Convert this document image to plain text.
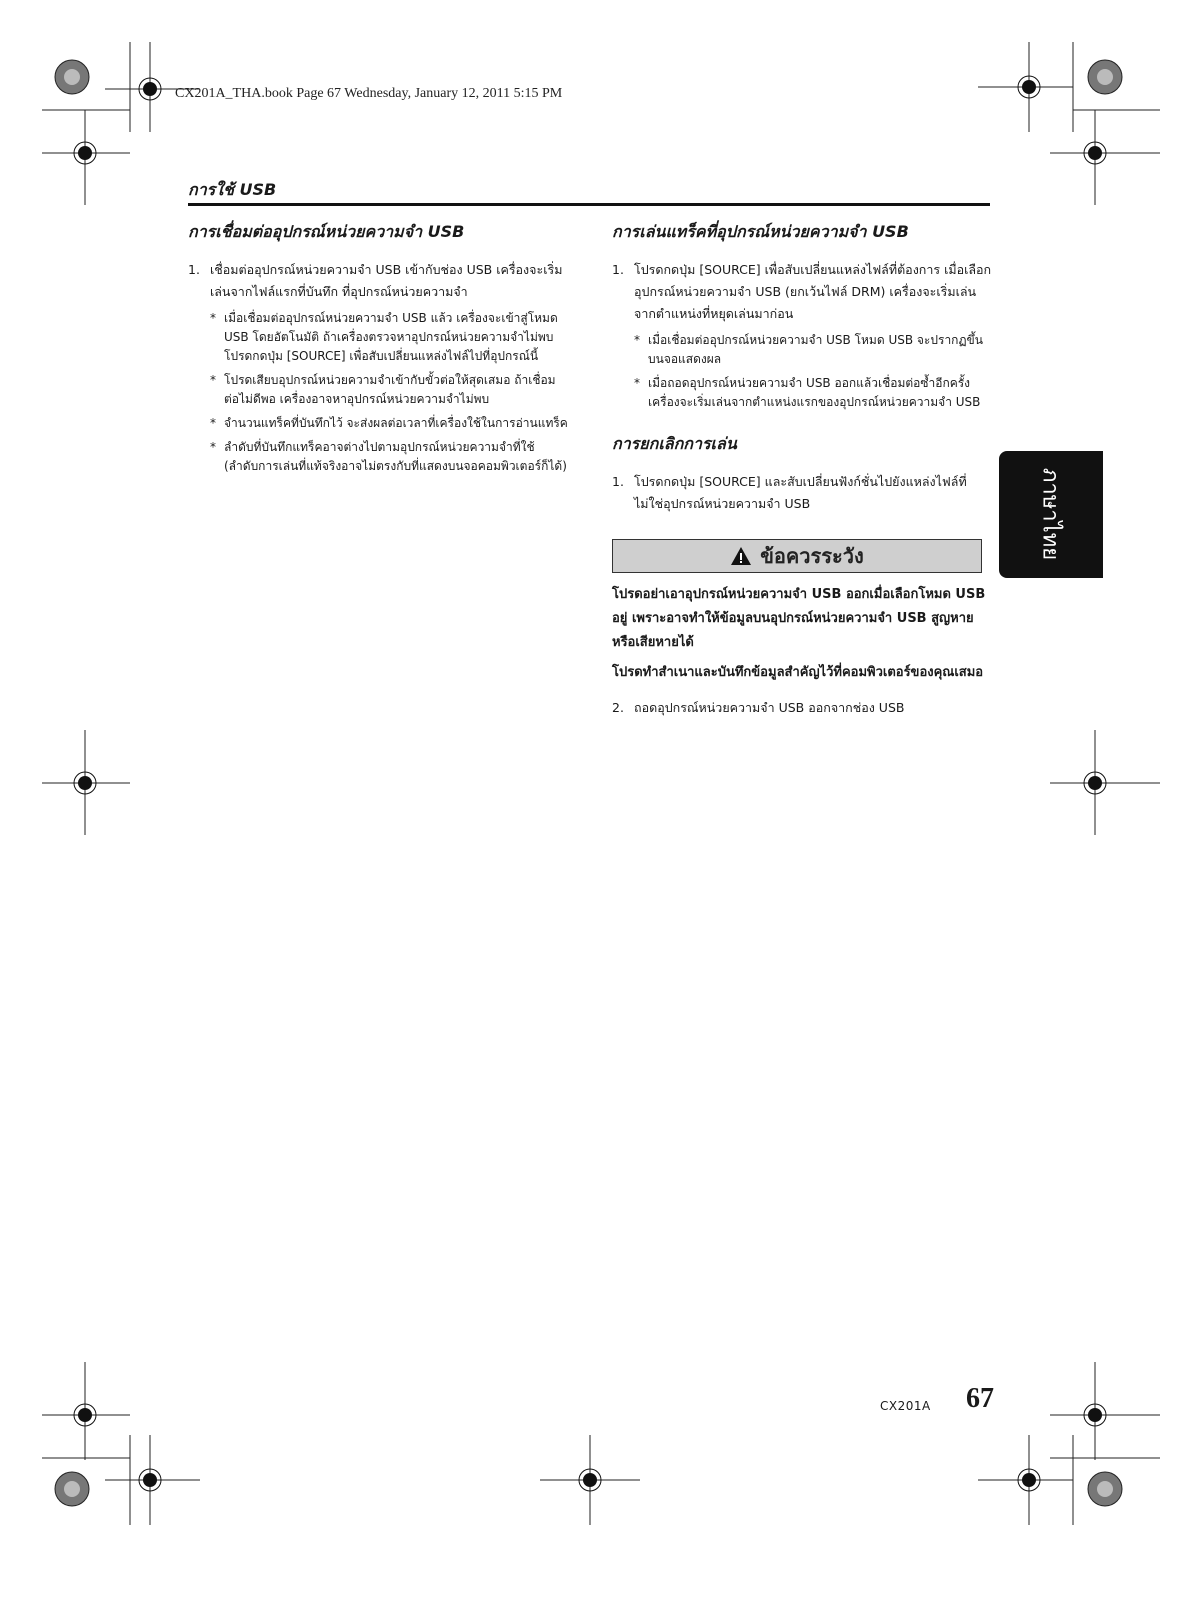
CX201A_THA.book Page 67 Wednesday, January 12, 2011 5:15 PM
การใช้ USB
การเชื่อมต่ออุปกรณ์หน่วยความจำ USB
1. เชื่อมต่ออุปกรณ์หน่วยความจำ USB เข้ากับช่อง USB เครื่องจะเริ่มเล่นจากไฟล์แรกที่บันทึก ที่อุปกรณ์หน่วยความจำ
* เมื่อเชื่อมต่ออุปกรณ์หน่วยความจำ USB แล้ว เครื่องจะเข้าสู่โหมด USB โดยอัตโนมัติ ถ้าเครื่องตรวจหาอุปกรณ์หน่วยความจำไม่พบ โปรดกดปุ่ม [SOURCE] เพื่อสับเปลี่ยนแหล่งไฟล์ไปที่อุปกรณ์นี้
* โปรดเสียบอุปกรณ์หน่วยความจำเข้ากับขั้วต่อให้สุดเสมอ ถ้าเชื่อมต่อไม่ดีพอ เครื่องอาจหาอุปกรณ์หน่วยความจำไม่พบ
* จำนวนแทร็คที่บันทึกไว้ จะส่งผลต่อเวลาที่เครื่องใช้ในการอ่านแทร็ค
* ลำดับที่บันทึกแทร็คอาจต่างไปตามอุปกรณ์หน่วยความจำที่ใช้ (ลำดับการเล่นที่แท้จริงอาจไม่ตรงกับที่แสดงบนจอคอมพิวเตอร์ก็ได้)
การเล่นแทร็คที่อุปกรณ์หน่วยความจำ USB
1. โปรดกดปุ่ม [SOURCE] เพื่อสับเปลี่ยนแหล่งไฟล์ที่ต้องการ เมื่อเลือกอุปกรณ์หน่วยความจำ USB (ยกเว้นไฟล์ DRM) เครื่องจะเริ่มเล่นจากตำแหน่งที่หยุดเล่นมาก่อน
* เมื่อเชื่อมต่ออุปกรณ์หน่วยความจำ USB โหมด USB จะปรากฏขึ้นบนจอแสดงผล
* เมื่อถอดอุปกรณ์หน่วยความจำ USB ออกแล้วเชื่อมต่อซ้ำอีกครั้ง เครื่องจะเริ่มเล่นจากตำแหน่งแรกของอุปกรณ์หน่วยความจำ USB
การยกเลิกการเล่น
1. โปรดกดปุ่ม [SOURCE] และสับเปลี่ยนฟังก์ชั่นไปยังแหล่งไฟล์ที่ไม่ใช่อุปกรณ์หน่วยความจำ USB
ข้อควรระวัง
โปรดอย่าเอาอุปกรณ์หน่วยความจำ USB ออกเมื่อเลือกโหมด USB อยู่ เพราะอาจทำให้ข้อมูลบนอุปกรณ์หน่วยความจำ USB สูญหายหรือเสียหายได้
โปรดทำสำเนาและบันทึกข้อมูลสำคัญไว้ที่คอมพิวเตอร์ของคุณเสมอ
2. ถอดอุปกรณ์หน่วยความจำ USB ออกจากช่อง USB
ภาษาไทย
CX201A 67
